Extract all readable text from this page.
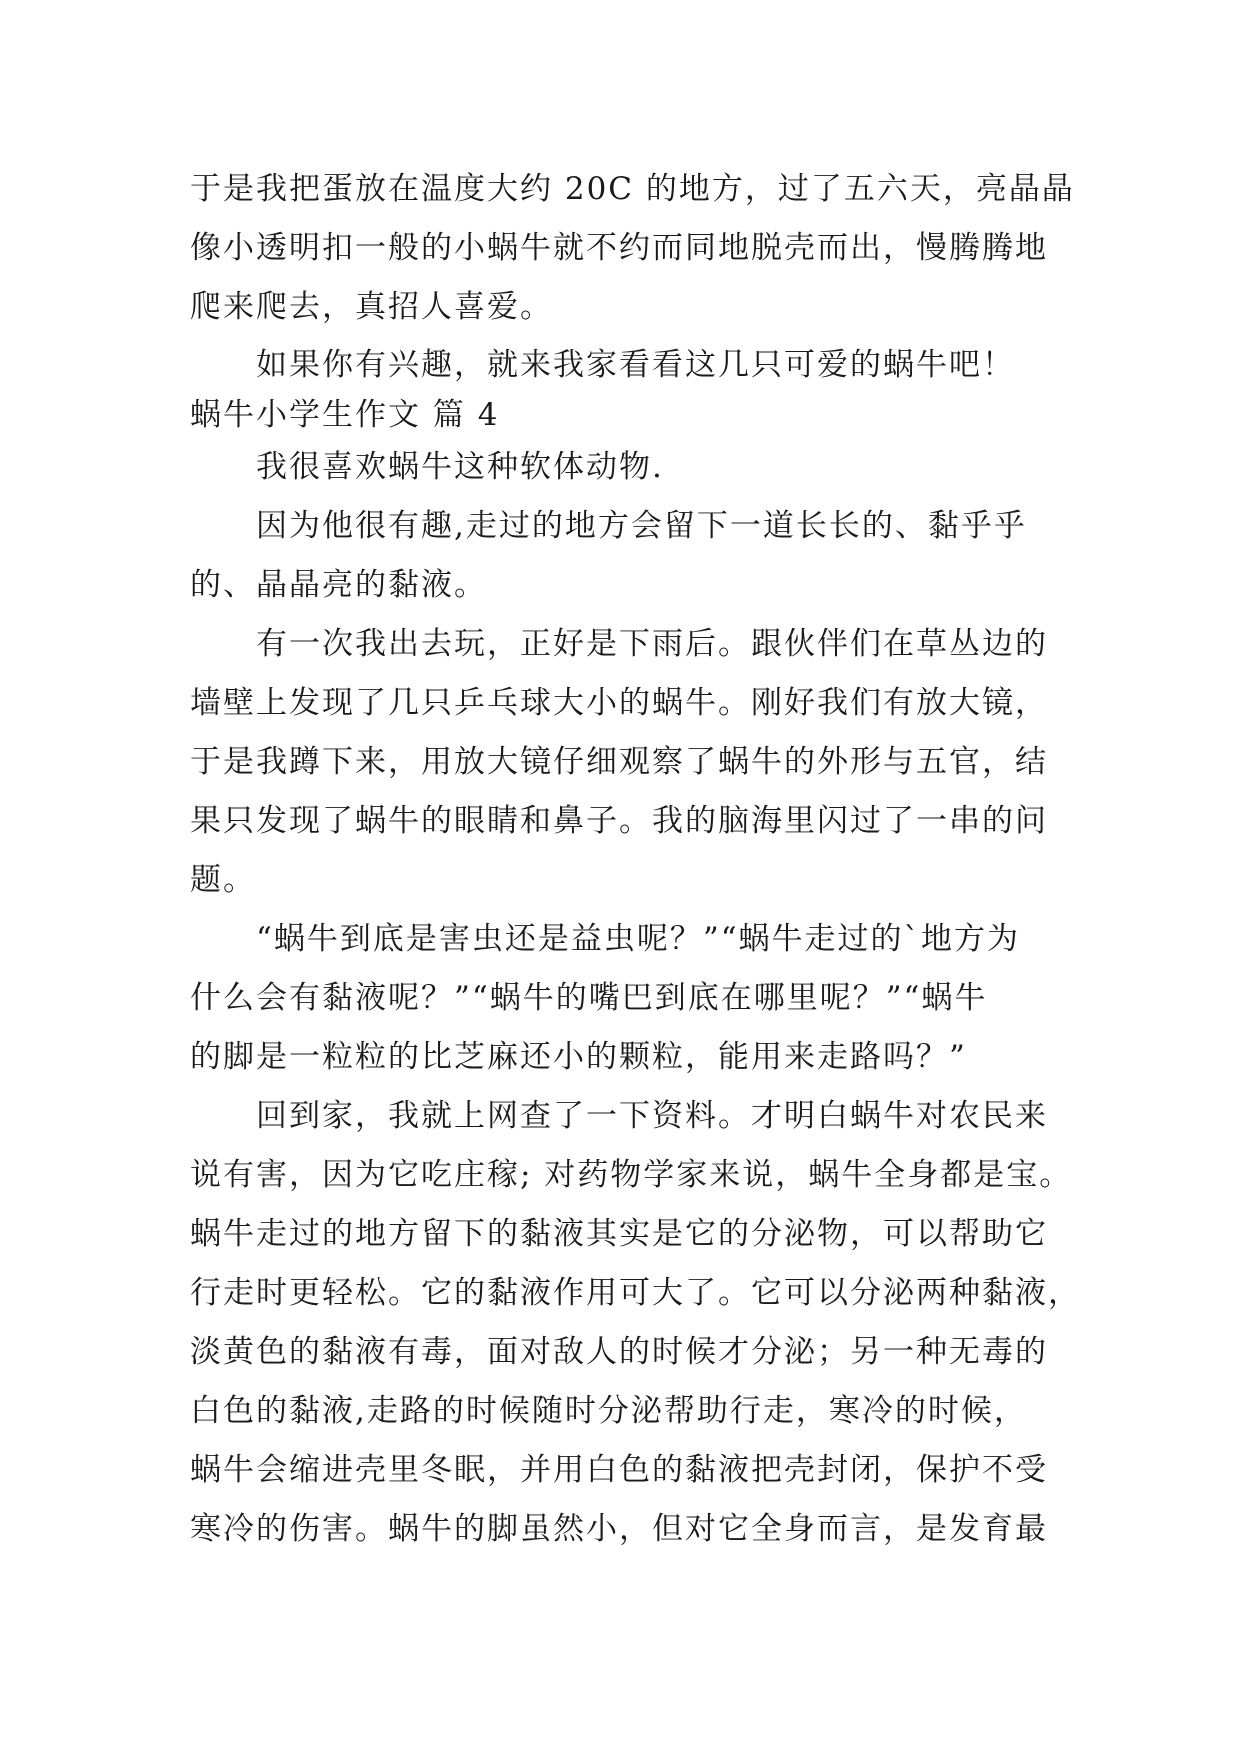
于是我把蛋放在温度大约 20C 的地方，过了五六天，亮晶晶
像小透明扣一般的小蜗牛就不约而同地脱壳而出，慢腾腾地
爬来爬去，真招人喜爱。
如果你有兴趣，就来我家看看这几只可爱的蜗牛吧！
蜗牛小学生作文 篇 4
我很喜欢蜗牛这种软体动物.
因为他很有趣,走过的地方会留下一道长长的、黏乎乎
的、晶晶亮的黏液。
有一次我出去玩，正好是下雨后。跟伙伴们在草丛边的
墙壁上发现了几只乒乓球大小的蜗牛。刚好我们有放大镜，
于是我蹲下来，用放大镜仔细观察了蜗牛的外形与五官，结
果只发现了蜗牛的眼睛和鼻子。我的脑海里闪过了一串的问
题。
“蜗牛到底是害虫还是益虫呢？”“蜗牛走过的`地方为
什么会有黏液呢？”“蜗牛的嘴巴到底在哪里呢？”“蜗牛
的脚是一粒粒的比芝麻还小的颗粒，能用来走路吗？”
回到家，我就上网查了一下资料。才明白蜗牛对农民来
说有害，因为它吃庄稼; 对药物学家来说，蜗牛全身都是宝。
蜗牛走过的地方留下的黏液其实是它的分泌物，可以帮助它
行走时更轻松。它的黏液作用可大了。它可以分泌两种黏液，
淡黄色的黏液有毒，面对敌人的时候才分泌；另一种无毒的
白色的黏液,走路的时候随时分泌帮助行走，寒冷的时候，
蜗牛会缩进壳里冬眠，并用白色的黏液把壳封闭，保护不受
寒冷的伤害。蜗牛的脚虽然小，但对它全身而言，是发育最
